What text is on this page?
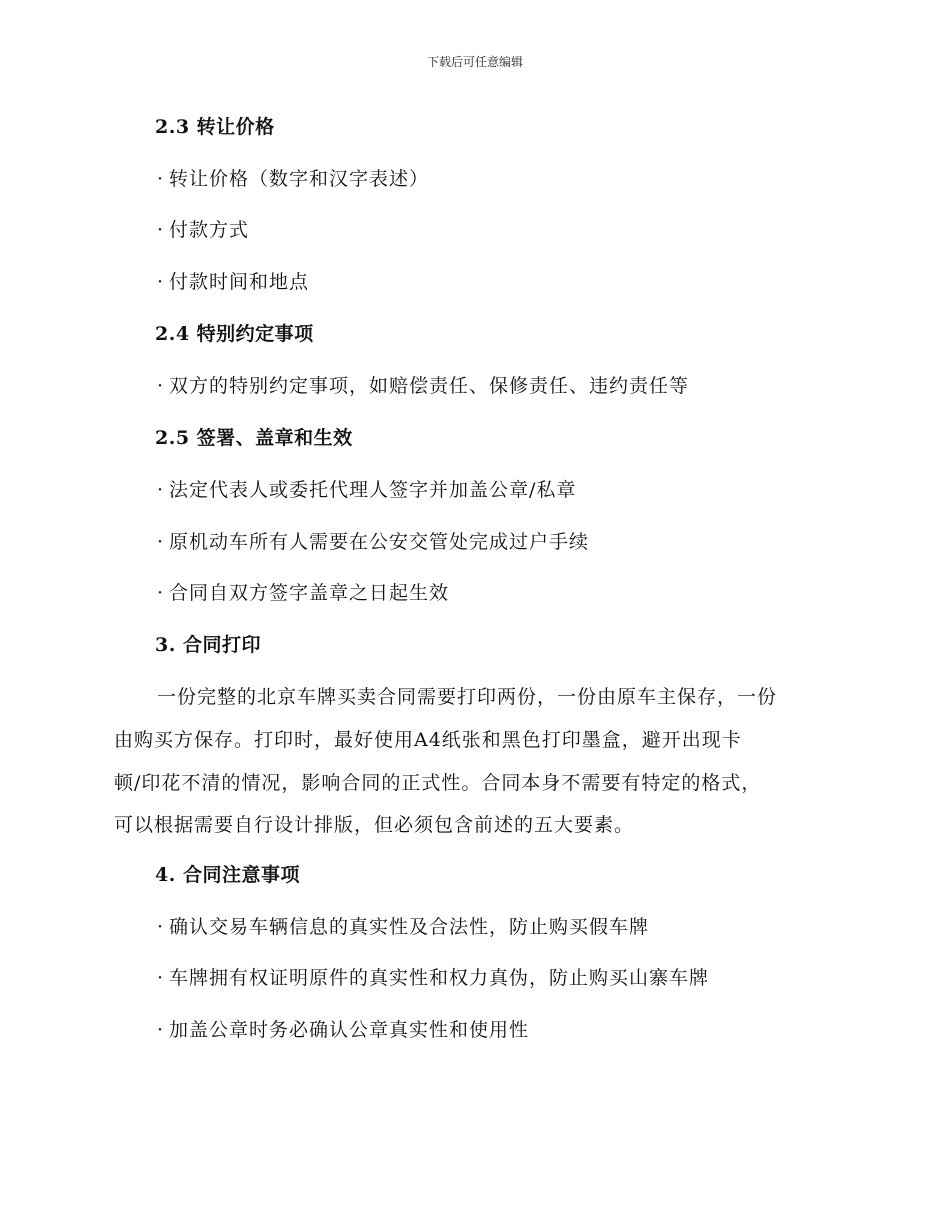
下载后可任意编辑
2.3 转让价格
· 转让价格（数字和汉字表述）
· 付款方式
· 付款时间和地点
2.4 特别约定事项
· 双方的特别约定事项，如赔偿责任、保修责任、违约责任等
2.5 签署、盖章和生效
· 法定代表人或委托代理人签字并加盖公章/私章
· 原机动车所有人需要在公安交管处完成过户手续
· 合同自双方签字盖章之日起生效
3. 合同打印
一份完整的北京车牌买卖合同需要打印两份，一份由原车主保存，一份
由购买方保存。打印时，最好使用A4纸张和黑色打印墨盒，避开出现卡
顿/印花不清的情况，影响合同的正式性。合同本身不需要有特定的格式，
可以根据需要自行设计排版，但必须包含前述的五大要素。
4. 合同注意事项
· 确认交易车辆信息的真实性及合法性，防止购买假车牌
· 车牌拥有权证明原件的真实性和权力真伪，防止购买山寨车牌
· 加盖公章时务必确认公章真实性和使用性
